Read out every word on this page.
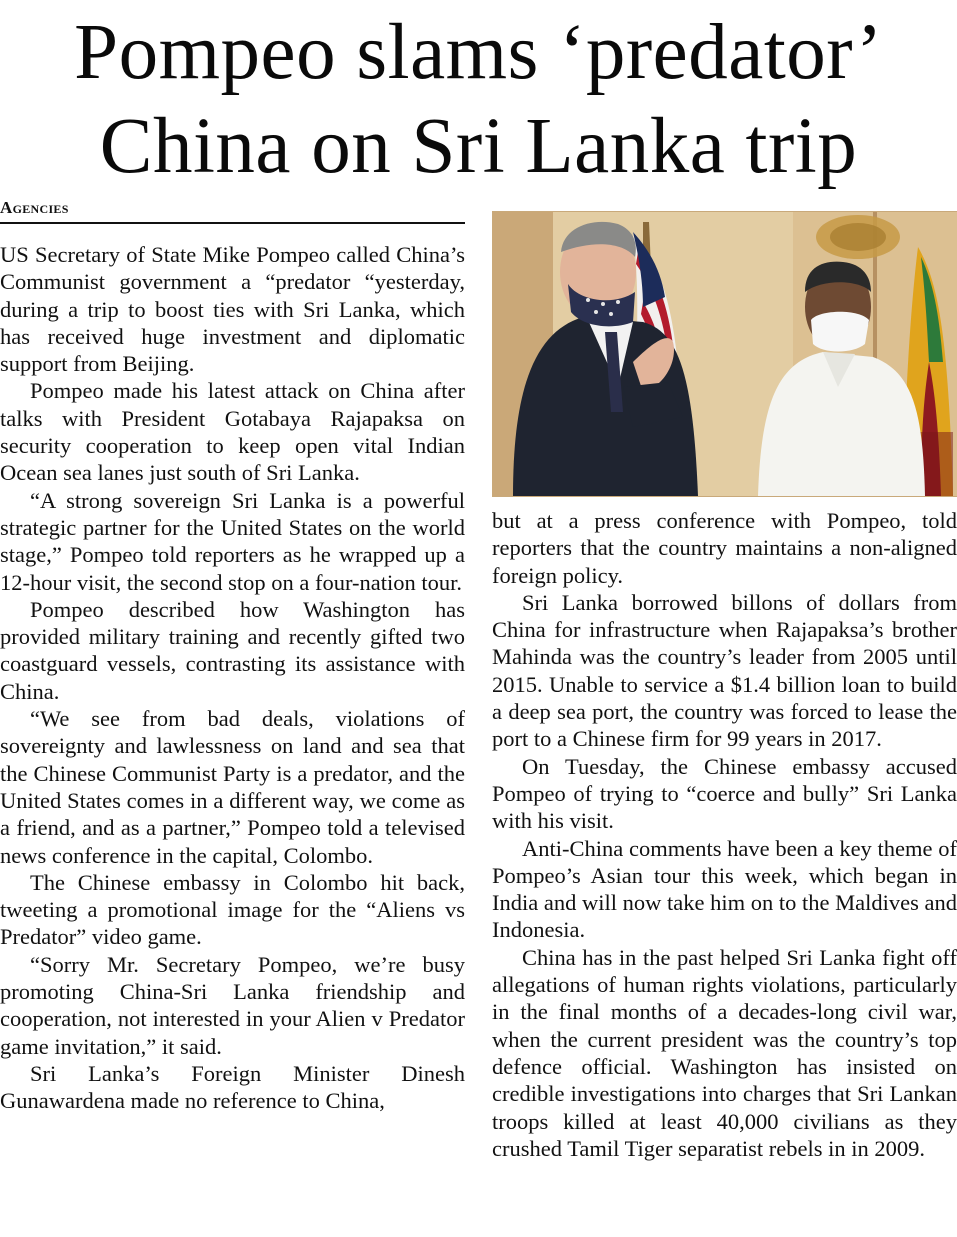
Pompeo slams ‘predator’
China on Sri Lanka trip
Agencies

US Secretary of State Mike Pompeo called China’s Communist government a “predator “yesterday, during a trip to boost ties with Sri Lanka, which has received huge investment and diplomatic support from Beijing.

Pompeo made his latest attack on China after talks with President Gotabaya Rajapaksa on security cooperation to keep open vital Indian Ocean sea lanes just south of Sri Lanka.

“A strong sovereign Sri Lanka is a powerful strategic partner for the United States on the world stage,” Pompeo told reporters as he wrapped up a 12-hour visit, the second stop on a four-nation tour.

Pompeo described how Washington has provided military training and recently gifted two coastguard vessels, contrasting its assistance with China.

“We see from bad deals, violations of sovereignty and lawlessness on land and sea that the Chinese Communist Party is a predator, and the United States comes in a different way, we come as a friend, and as a partner,” Pompeo told a televised news conference in the capital, Colombo.

The Chinese embassy in Colombo hit back, tweeting a promotional image for the “Aliens vs Predator” video game.

“Sorry Mr. Secretary Pompeo, we’re busy promoting China-Sri Lanka friendship and cooperation, not interested in your Alien v Predator game invitation,” it said.

Sri Lanka’s Foreign Minister Dinesh Gunawardena made no reference to China,

but at a press conference with Pompeo, told reporters that the country maintains a non-aligned foreign policy.

Sri Lanka borrowed billons of dollars from China for infrastructure when Rajapaksa’s brother Mahinda was the country’s leader from 2005 until 2015. Unable to service a $1.4 billion loan to build a deep sea port, the country was forced to lease the port to a Chinese firm for 99 years in 2017.

On Tuesday, the Chinese embassy accused Pompeo of trying to “coerce and bully” Sri Lanka with his visit.

Anti-China comments have been a key theme of Pompeo’s Asian tour this week, which began in India and will now take him on to the Maldives and Indonesia.

China has in the past helped Sri Lanka fight off allegations of human rights violations, particularly in the final months of a decades-long civil war, when the current president was the country’s top defence official. Washington has insisted on credible investigations into charges that Sri Lankan troops killed at least 40,000 civilians as they crushed Tamil Tiger separatist rebels in in 2009.
